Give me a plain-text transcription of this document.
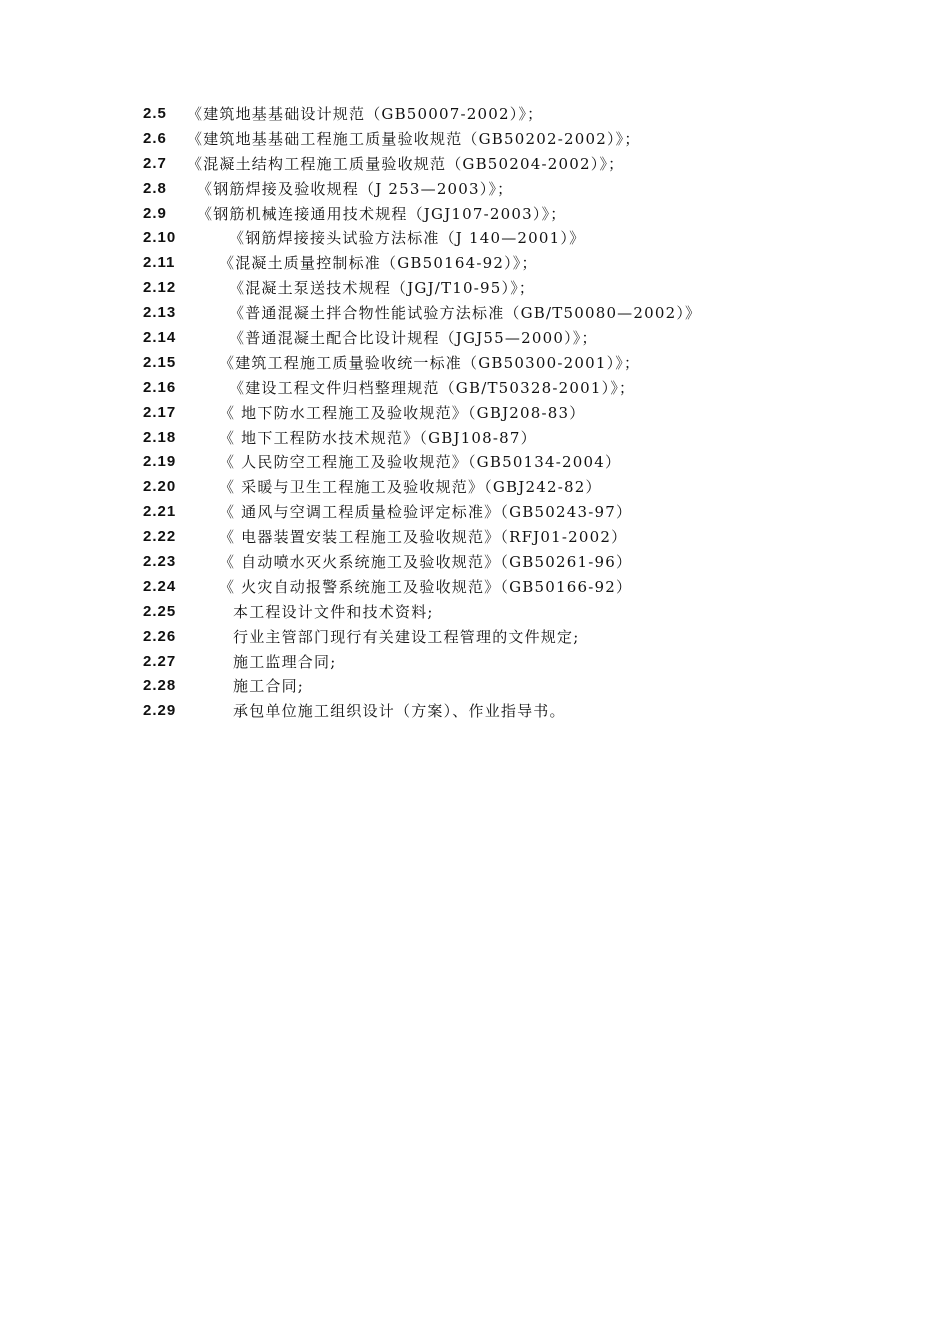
2.5 《建筑地基基础设计规范（GB50007-2002）》；
2.6 《建筑地基基础工程施工质量验收规范（GB50202-2002）》；
2.7 《混凝土结构工程施工质量验收规范（GB50204-2002）》；
2.8 《钢筋焊接及验收规程（J 253—2003）》；
2.9 《钢筋机械连接通用技术规程（JGJ107-2003）》；
2.10	《钢筋焊接接头试验方法标准（J 140—2001）》
2.11	《混凝土质量控制标准（GB50164-92）》；
2.12	《混凝土泵送技术规程（JGJ/T10-95）》；
2.13	《普通混凝土拌合物性能试验方法标准（GB/T50080—2002）》
2.14	《普通混凝土配合比设计规程（JGJ55—2000）》；
2.15	《建筑工程施工质量验收统一标准（GB50300-2001）》；
2.16	《建设工程文件归档整理规范（GB/T50328-2001）》；
2.17	《 地下防水工程施工及验收规范》（GBJ208-83）
2.18	《 地下工程防水技术规范》（GBJ108-87）
2.19	《 人民防空工程施工及验收规范》（GB50134-2004）
2.20	《 采暖与卫生工程施工及验收规范》（GBJ242-82）
2.21	《 通风与空调工程质量检验评定标准》（GB50243-97）
2.22	《 电器装置安装工程施工及验收规范》（RFJ01-2002）
2.23	《 自动喷水灭火系统施工及验收规范》（GB50261-96）
2.24	《 火灾自动报警系统施工及验收规范》（GB50166-92）
2.25	本工程设计文件和技术资料;
2.26	行业主管部门现行有关建设工程管理的文件规定;
2.27	施工监理合同;
2.28	施工合同;
2.29	承包单位施工组织设计（方案）、作业指导书。
